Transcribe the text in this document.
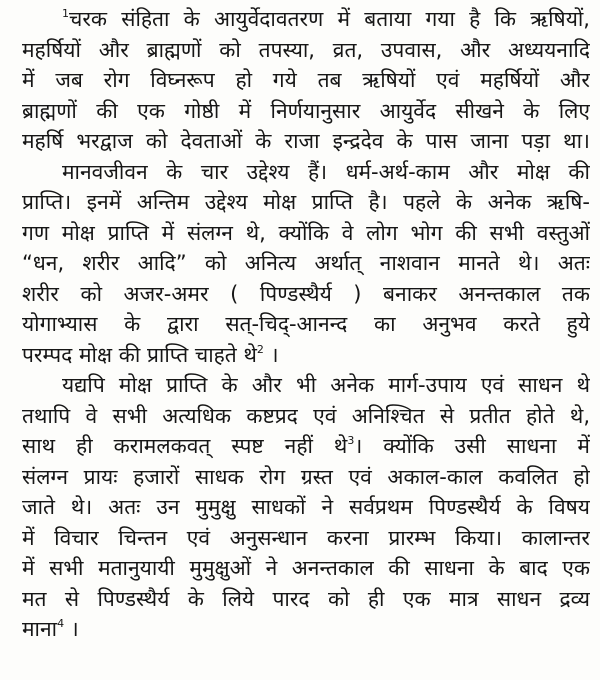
$^1$चरक संहिता के आयुर्वेदावतरण में बताया गया है कि ऋषियों,
महर्षियों और ब्राह्मणों को तपस्या, व्रत, उपवास, और अध्ययनादि
में जब रोग विघ्नरूप हो गये तब ऋषियों एवं महर्षियों और
ब्राह्मणों की एक गोष्ठी में निर्णयानुसार आयुर्वेद सीखने के लिए
महर्षि भरद्वाज को देवताओं के राजा इन्द्रदेव के पास जाना पड़ा था।
मानवजीवन के चार उद्देश्य हैं। धर्म-अर्थ-काम और मोक्ष की
प्राप्ति। इनमें अन्तिम उद्देश्य मोक्ष प्राप्ति है। पहले के अनेक ऋषि-
गण मोक्ष प्राप्ति में संलग्न थे, क्योंकि वे लोग भोग की सभी वस्तुओं
“धन, शरीर आदि” को अनित्य अर्थात् नाशवान मानते थे। अतः
शरीर को अजर-अमर ( पिण्डस्थैर्य ) बनाकर अनन्तकाल तक
योगाभ्यास के द्वारा सत्-चिद्-आनन्द का अनुभव करते हुये
परम्पद मोक्ष की प्राप्ति चाहते थे$^2$ ।
यद्यपि मोक्ष प्राप्ति के और भी अनेक मार्ग-उपाय एवं साधन थे
तथापि वे सभी अत्यधिक कष्टप्रद एवं अनिश्चित से प्रतीत होते थे,
साथ ही करामलकवत् स्पष्ट नहीं थे$^3$। क्योंकि उसी साधना में
संलग्न प्रायः हजारों साधक रोग ग्रस्त एवं अकाल-काल कवलित हो
जाते थे। अतः उन मुमुक्षु साधकों ने सर्वप्रथम पिण्डस्थैर्य के विषय
में विचार चिन्तन एवं अनुसन्धान करना प्रारम्भ किया। कालान्तर
में सभी मतानुयायी मुमुक्षुओं ने अनन्तकाल की साधना के बाद एक
मत से पिण्डस्थैर्य के लिये पारद को ही एक मात्र साधन द्रव्य
माना$^4$ ।
